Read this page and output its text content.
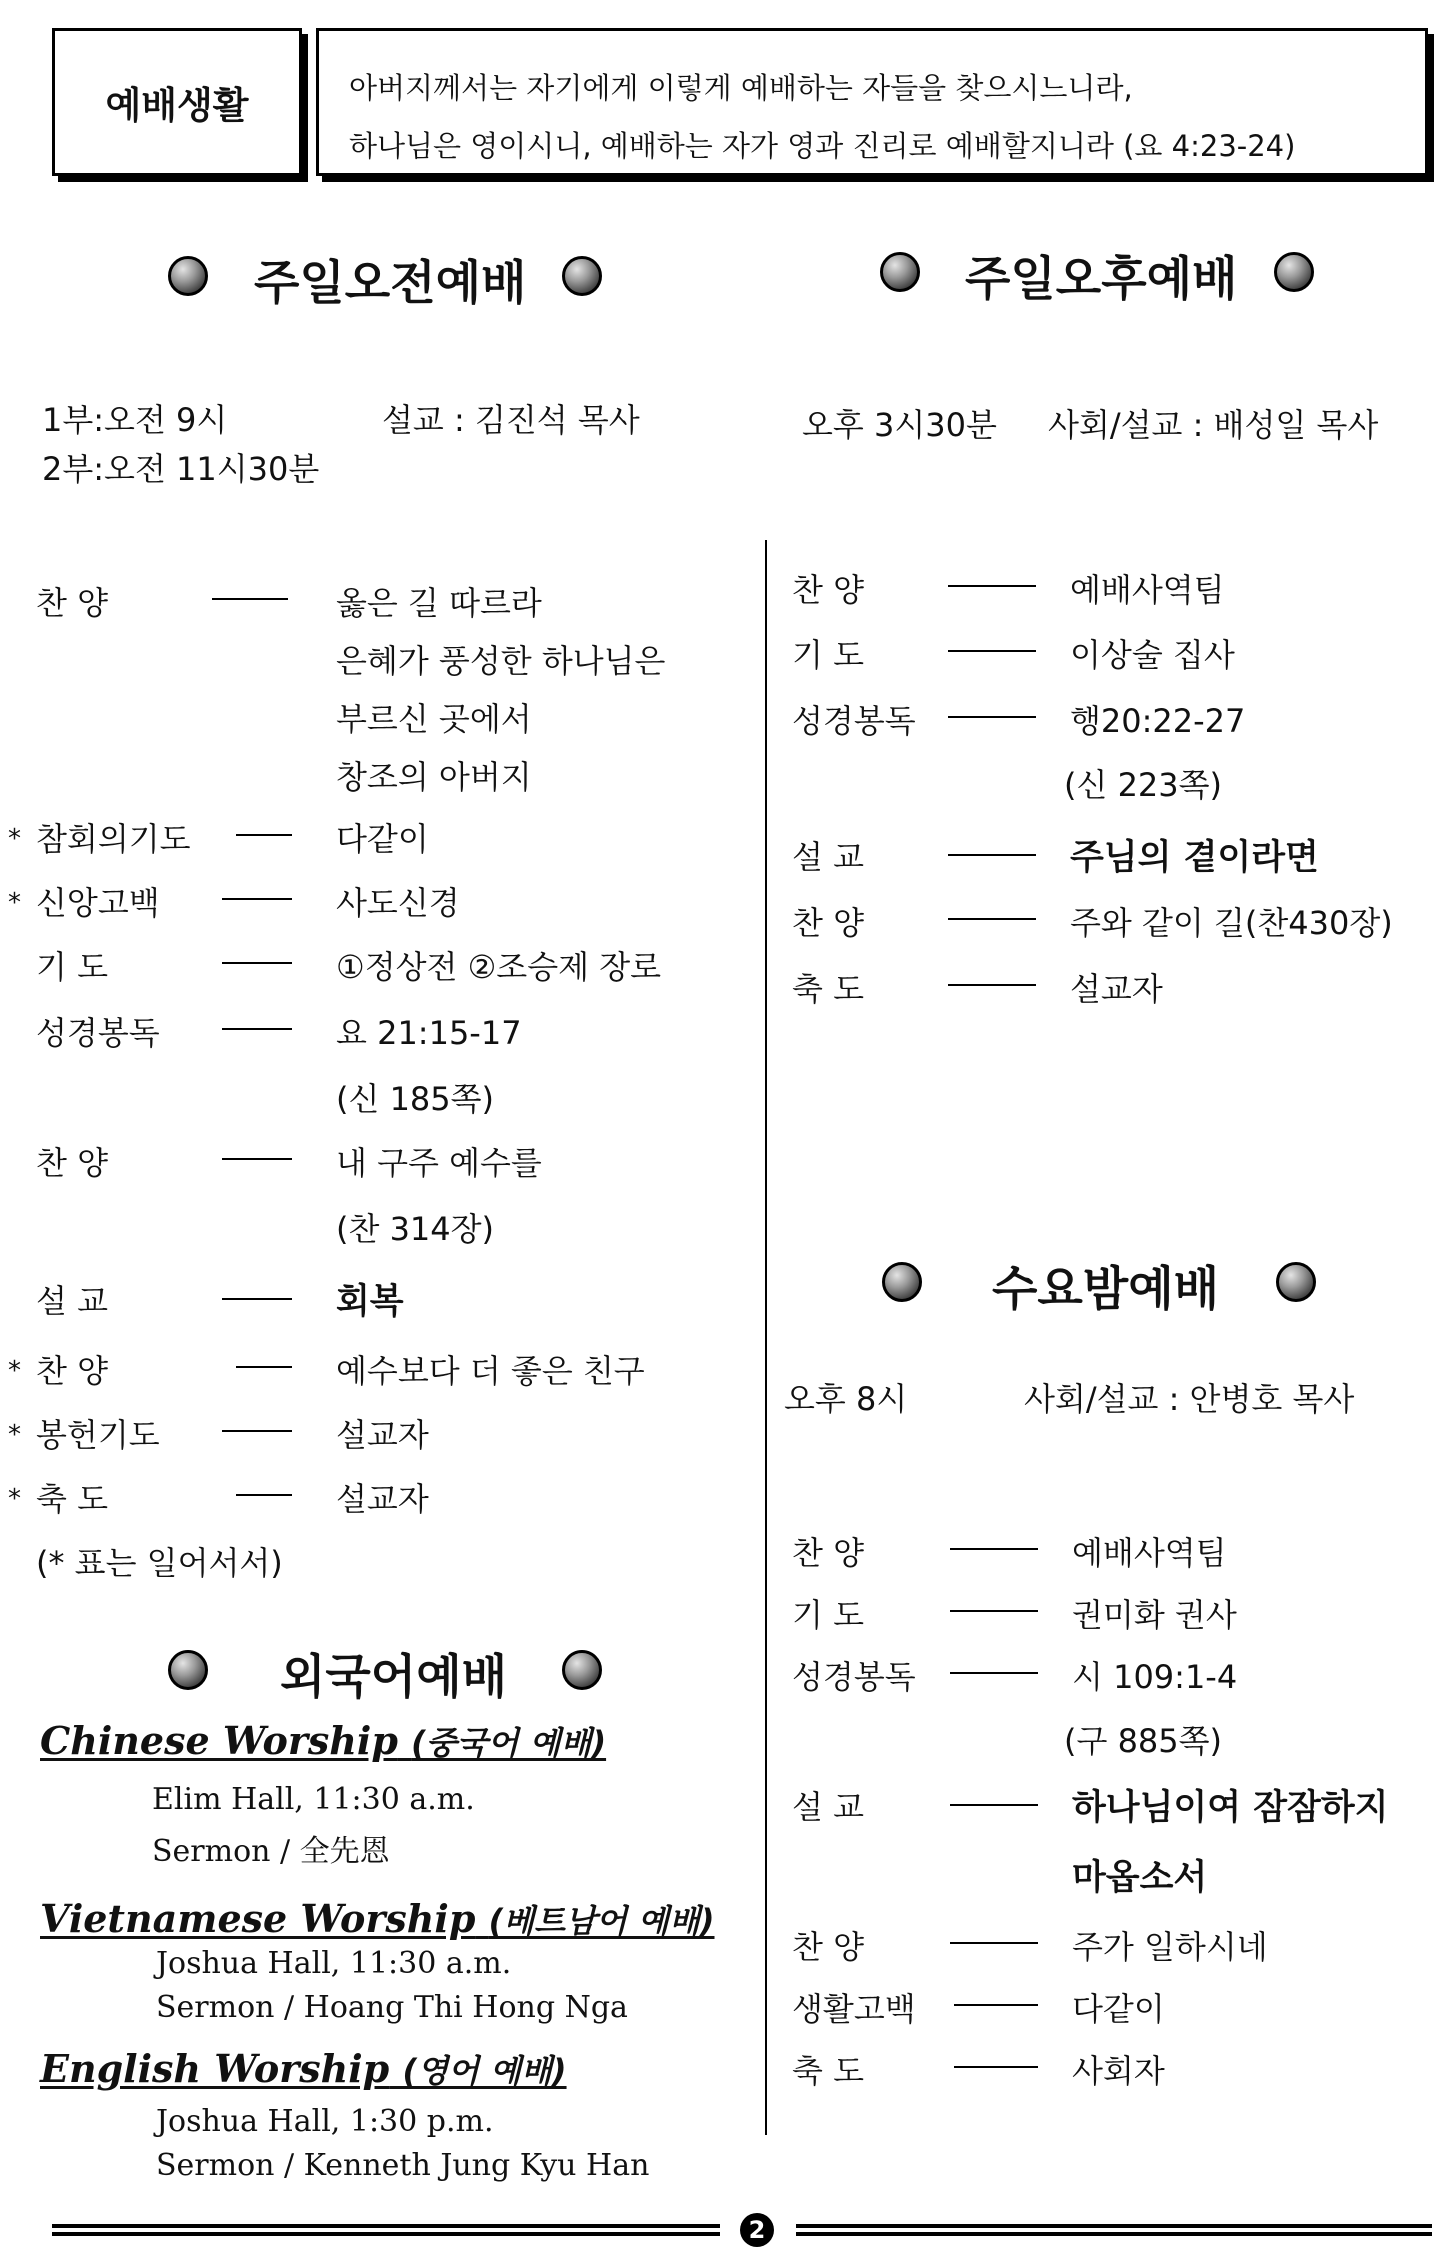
예배생활	아버지께서는 자기에게 이렇게 예배하는 자들을 찾으시느니라,
하나님은 영이시니, 예배하는 자가 영과 진리로 예배할지니라 (요 4:23-24)
주일오전예배	주일오후예배
1부:오전 9시
2부:오전 11시30분
설교 : 김진석 목사	오후 3시30분 사회/설교 : 배성일 목사
찬 양	옳은 길 따르라
은혜가 풍성한 하나님은
부르신 곳에서
창조의 아버지
* 참회의기도	다같이
* 신앙고백	사도신경
기 도	①정상전 ②조승제 장로
성경봉독	요 21:15-17
(신 185쪽)
찬 양	내 구주 예수를
(찬 314장)
설 교	회복
* 찬 양	예수보다 더 좋은 친구
* 봉헌기도	설교자
* 축 도	설교자
(* 표는 일어서서)
외국어예배
Chinese Worship (중국어 예배)
Elim Hall, 11:30 a.m.
Sermon / 全先恩
Vietnamese Worship (베트남어 예배)
Joshua Hall, 11:30 a.m.
Sermon / Hoang Thi Hong Nga
English Worship (영어 예배)
Joshua Hall, 1:30 p.m.
Sermon / Kenneth Jung Kyu Han
찬 양	예배사역팀
기 도	이상술 집사
성경봉독	행20:22-27
(신 223쪽)
설 교	주님의 곁이라면
찬 양	주와 같이 길(찬430장)
축 도	설교자
수요밤예배
오후 8시	사회/설교 : 안병호 목사
찬 양	예배사역팀
기 도	권미화 권사
성경봉독	시 109:1-4
(구 885쪽)
설 교	하나님이여 잠잠하지
마옵소서
찬 양	주가 일하시네
생활고백	다같이
축 도	사회자
2
